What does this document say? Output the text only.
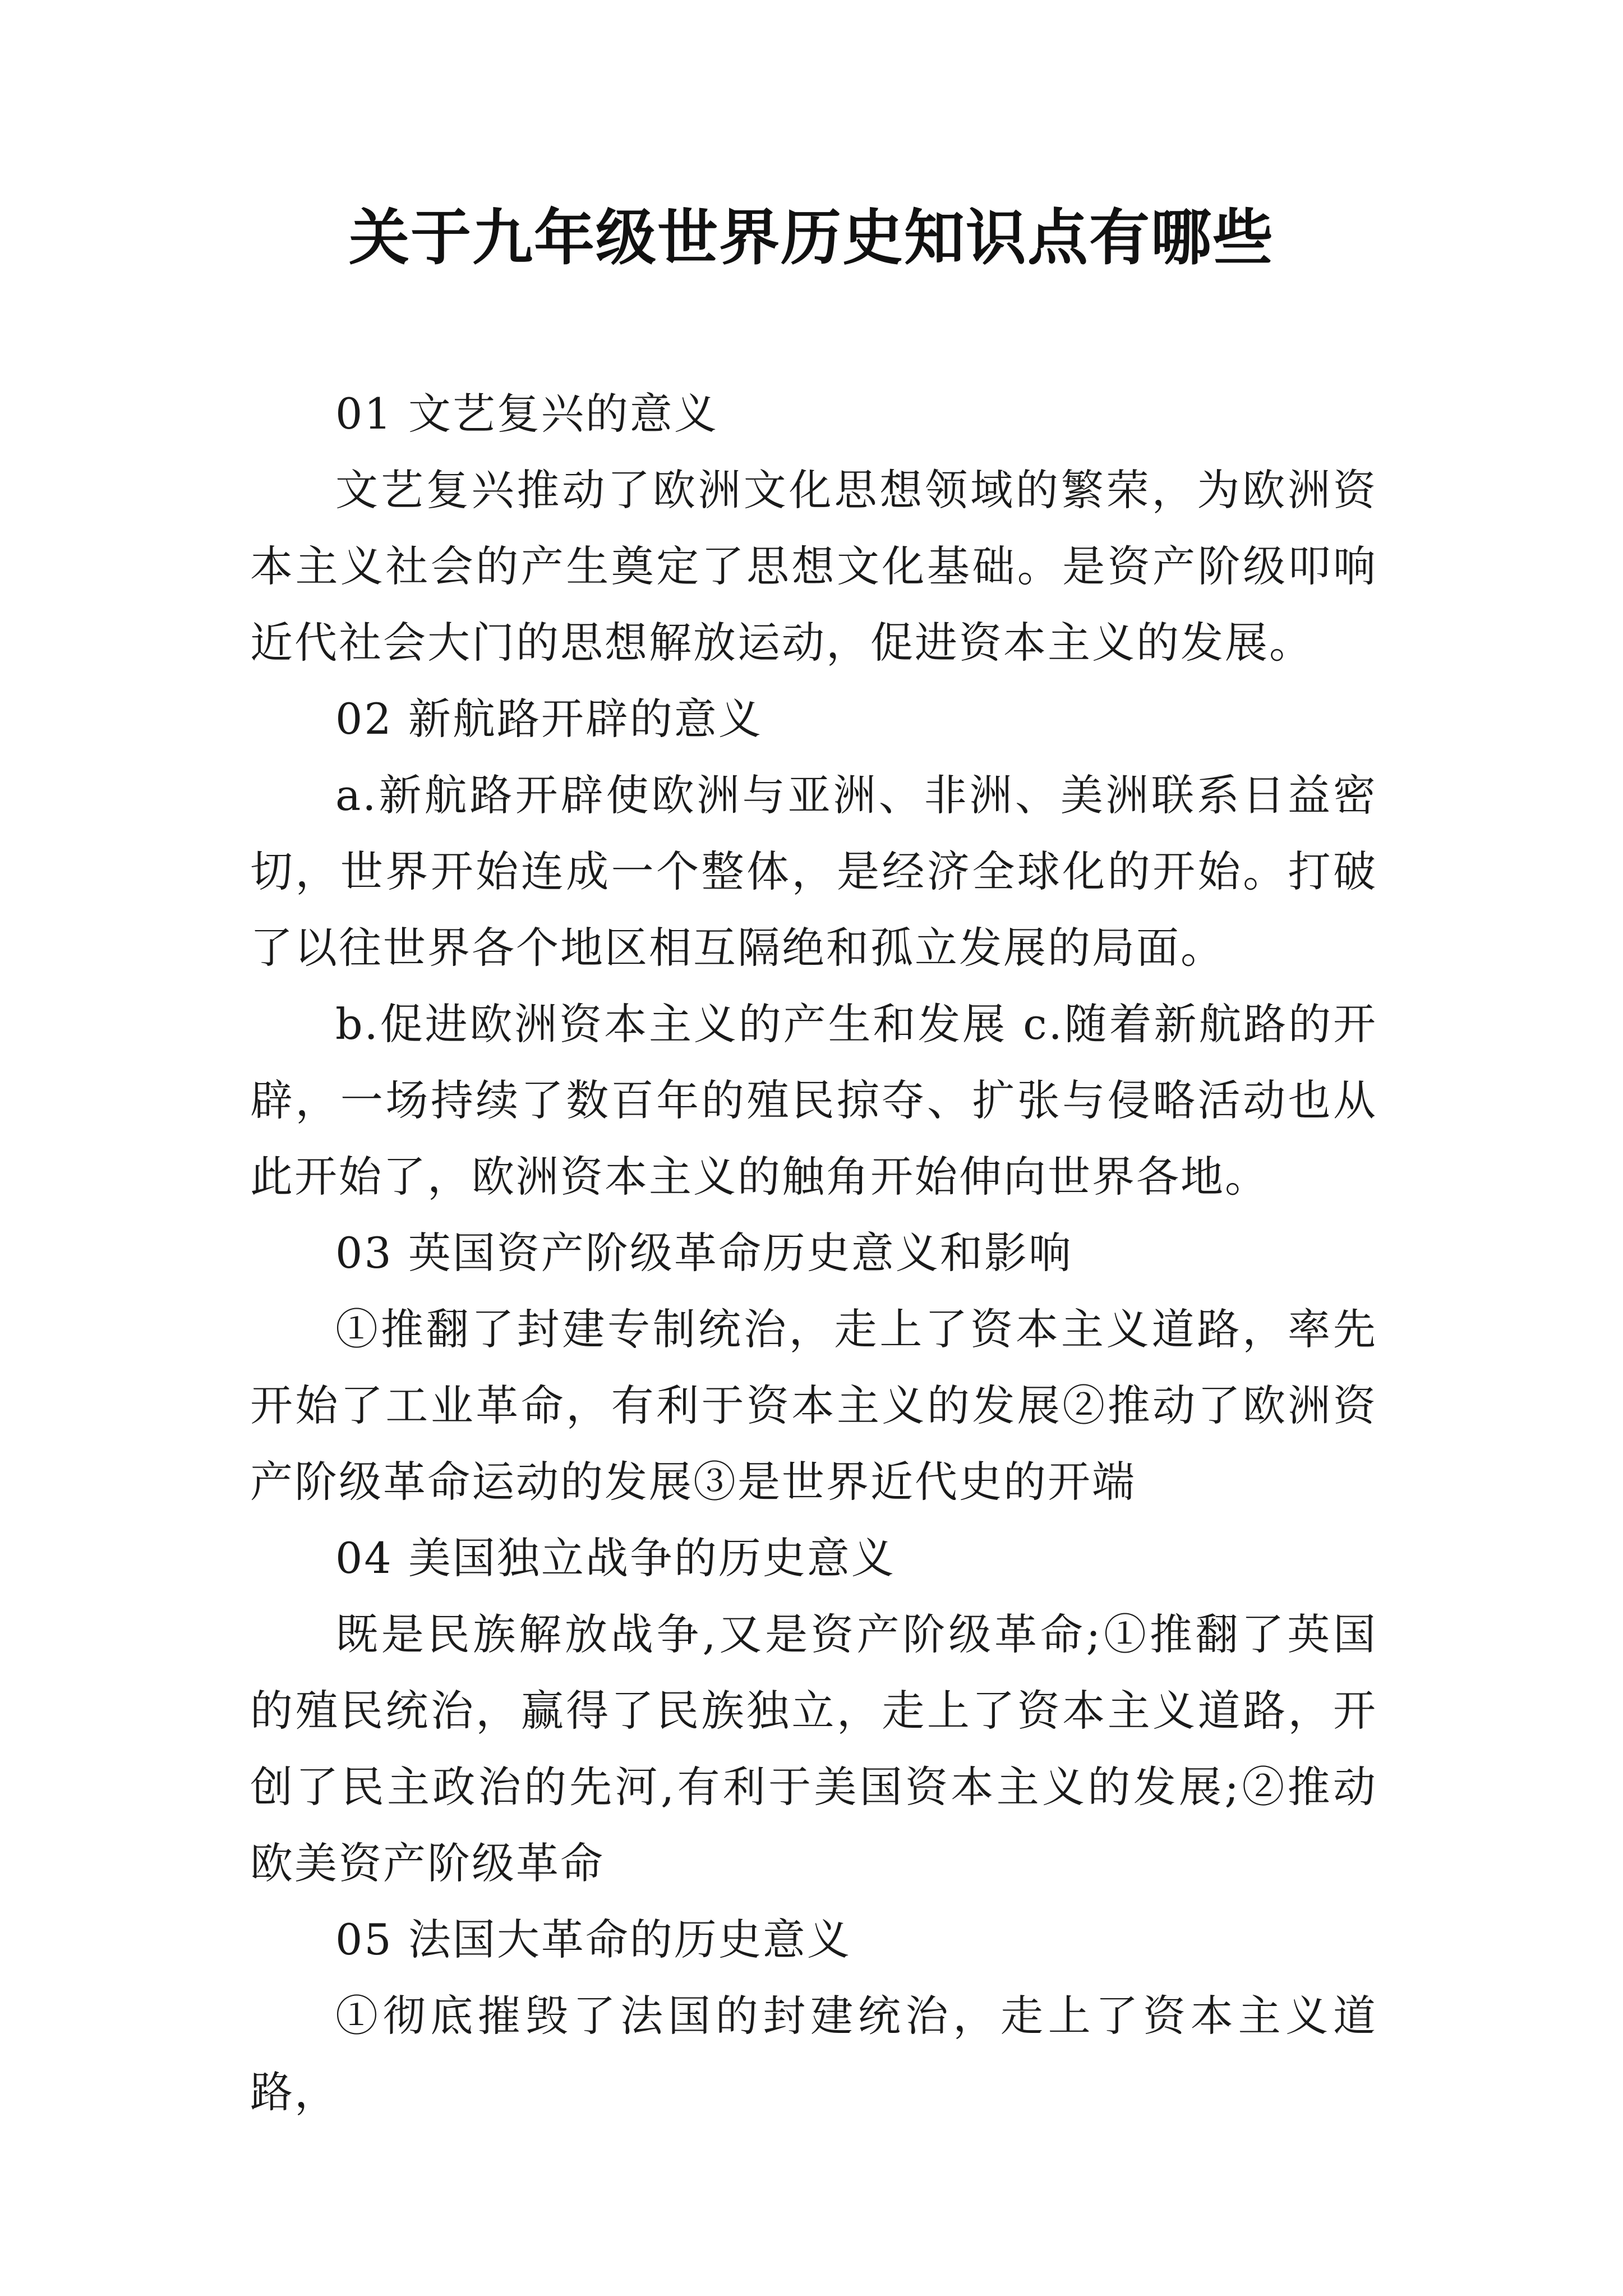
关于九年级世界历史知识点有哪些

01 文艺复兴的意义

文艺复兴推动了欧洲文化思想领域的繁荣，为欧洲资本主义社会的产生奠定了思想文化基础。是资产阶级叩响近代社会大门的思想解放运动，促进资本主义的发展。

02 新航路开辟的意义

a.新航路开辟使欧洲与亚洲、非洲、美洲联系日益密切，世界开始连成一个整体，是经济全球化的开始。打破了以往世界各个地区相互隔绝和孤立发展的局面。

b.促进欧洲资本主义的产生和发展 c.随着新航路的开辟，一场持续了数百年的殖民掠夺、扩张与侵略活动也从此开始了，欧洲资本主义的触角开始伸向世界各地。

03 英国资产阶级革命历史意义和影响

①推翻了封建专制统治，走上了资本主义道路，率先开始了工业革命，有利于资本主义的发展②推动了欧洲资产阶级革命运动的发展③是世界近代史的开端

04 美国独立战争的历史意义

既是民族解放战争,又是资产阶级革命;①推翻了英国的殖民统治，赢得了民族独立，走上了资本主义道路，开创了民主政治的先河,有利于美国资本主义的发展;②推动欧美资产阶级革命

05 法国大革命的历史意义

①彻底摧毁了法国的封建统治，走上了资本主义道路，
